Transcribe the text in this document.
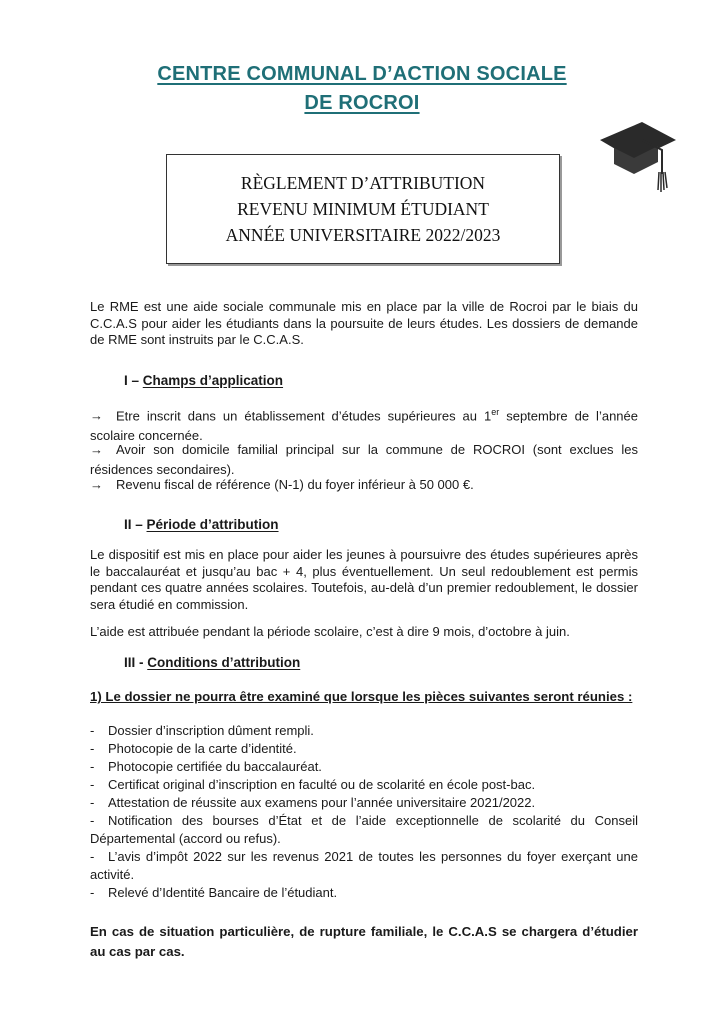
CENTRE COMMUNAL D’ACTION SOCIALE
DE ROCROI
RÈGLEMENT D’ATTRIBUTION
REVENU MINIMUM ÉTUDIANT
ANNÉE UNIVERSITAIRE 2022/2023
Le RME est une aide sociale communale mis en place par la ville de Rocroi par le biais du C.C.A.S pour aider les étudiants dans la poursuite de leurs études. Les dossiers de demande de RME sont instruits par le C.C.A.S.
I – Champs d’application
→ Etre inscrit dans un établissement d’études supérieures au 1er septembre de l’année scolaire concernée.
→ Avoir son domicile familial principal sur la commune de ROCROI (sont exclues les résidences secondaires).
→ Revenu fiscal de référence (N-1) du foyer inférieur à 50 000 €.
II – Période d’attribution
Le dispositif est mis en place pour aider les jeunes à poursuivre des études supérieures après le baccalauréat et jusqu’au bac + 4, plus éventuellement. Un seul redoublement est permis pendant ces quatre années scolaires. Toutefois, au-delà d’un premier redoublement, le dossier sera étudié en commission.
L’aide est attribuée pendant la période scolaire, c’est à dire 9 mois, d’octobre à juin.
III - Conditions d’attribution
1) Le dossier ne pourra être examiné que lorsque les pièces suivantes seront réunies :
-	Dossier d’inscription dûment rempli.
-	Photocopie de la carte d’identité.
-	Photocopie certifiée du baccalauréat.
-	Certificat original d’inscription en faculté ou de scolarité en école post-bac.
-	Attestation de réussite aux examens pour l’année universitaire 2021/2022.
- Notification des bourses d’État et de l’aide exceptionnelle de scolarité du Conseil Départemental (accord ou refus).
- L’avis d’impôt 2022 sur les revenus 2021 de toutes les personnes du foyer exerçant une activité.
-	Relevé d’Identité Bancaire de l’étudiant.
En cas de situation particulière, de rupture familiale, le C.C.A.S se chargera d’étudier au cas par cas.
